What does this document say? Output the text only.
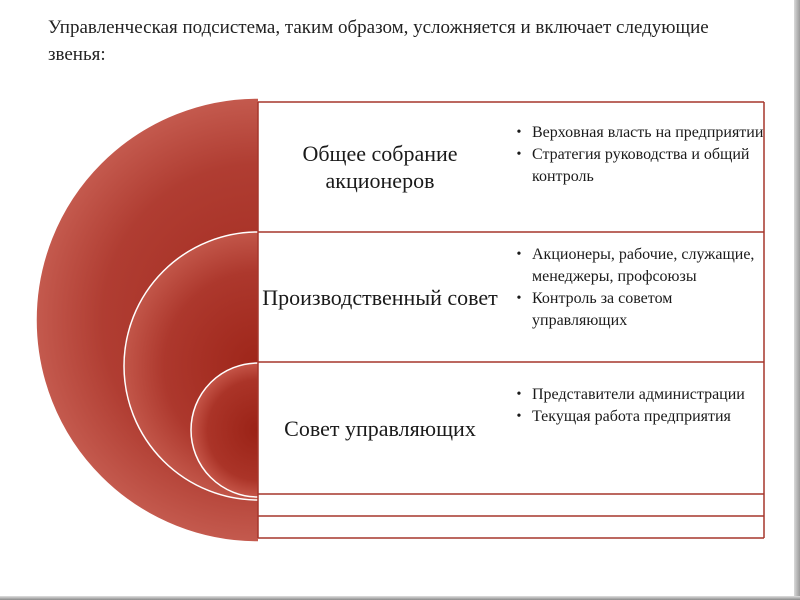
Управленческая подсистема, таким образом, усложняется и включает следующие звенья:
Общее собрание акционеров
• Верховная власть на предприятии
• Стратегия руководства и общий контроль
Производственный совет
• Акционеры, рабочие, служащие, менеджеры, профсоюзы
• Контроль за советом управляющих
Совет управляющих
• Представители администрации
• Текущая работа предприятия
